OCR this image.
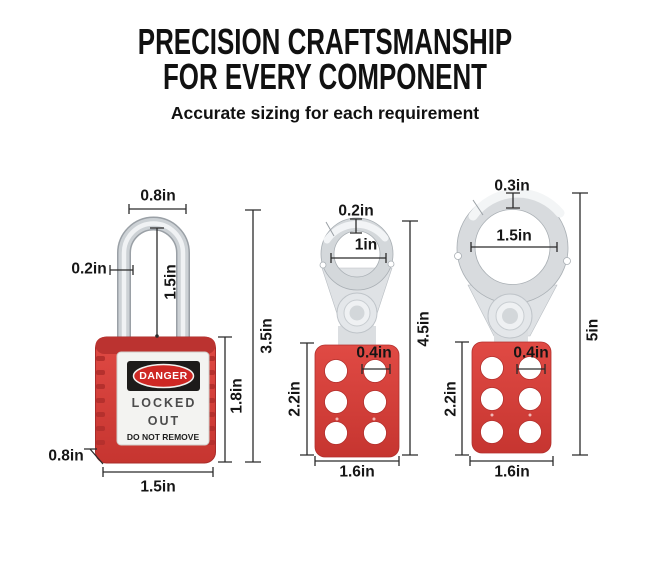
PRECISION CRAFTSMANSHIP
FOR EVERY COMPONENT
Accurate sizing for each requirement
DANGER
LOCKED
OUT
DO NOT REMOVE
0.8in
0.2in	1.5in
3.5in
1.8in
0.8in
1.5in
0.2in
1in
4.5in
0.4in
2.2in
1.6in
0.3in
1.5in
5in
0.4in
2.2in
1.6in
